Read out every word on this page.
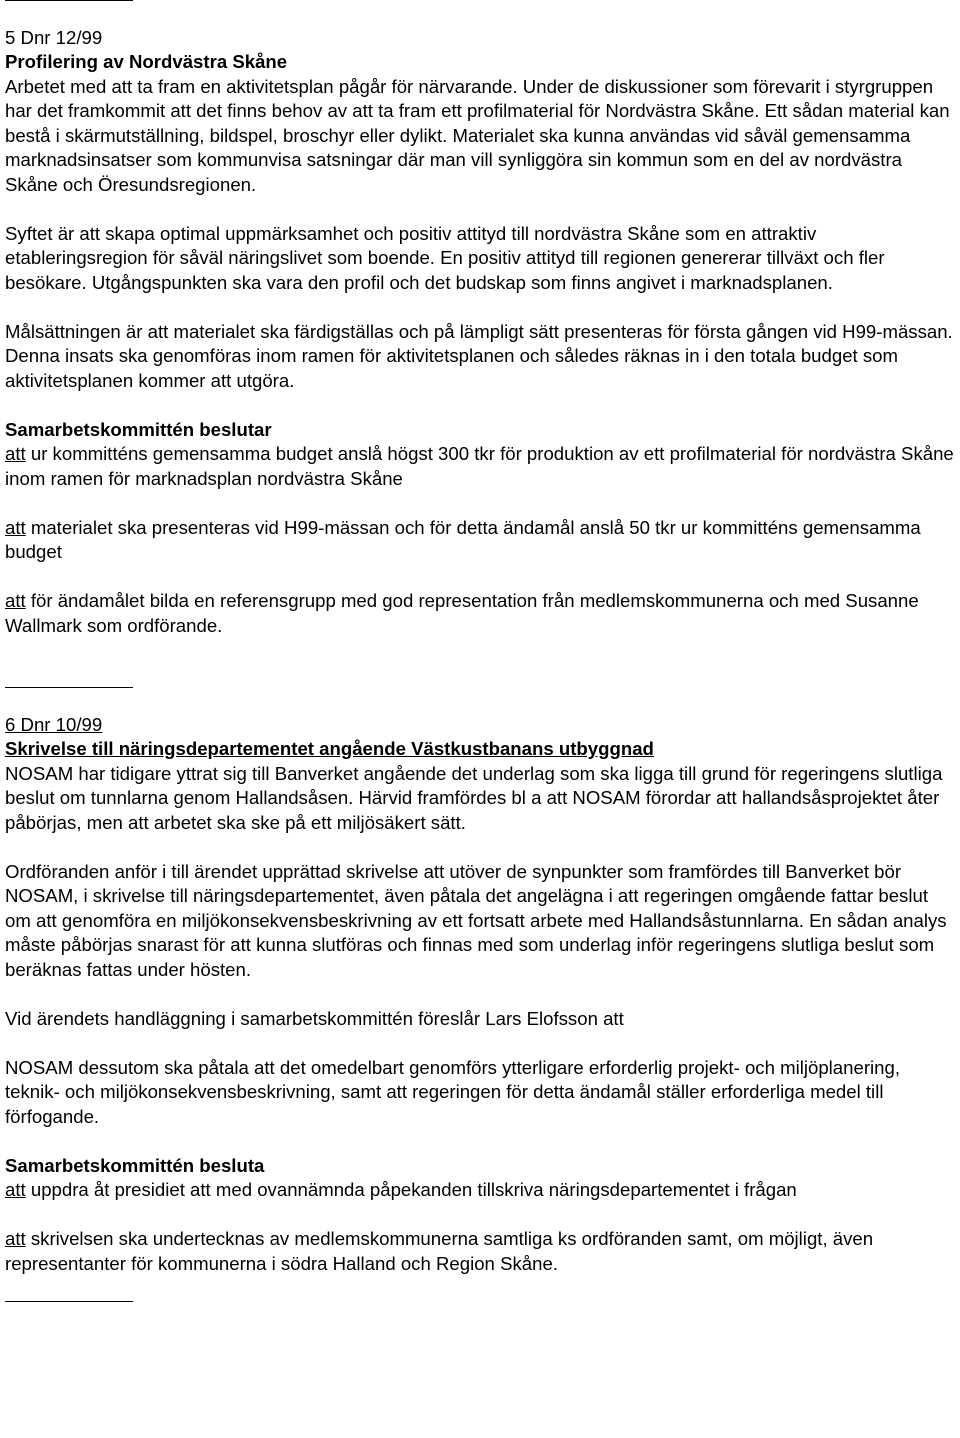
5 Dnr 12/99
Profilering av Nordvästra Skåne
Arbetet med att ta fram en aktivitetsplan pågår för närvarande. Under de diskussioner som förevarit i styrgruppen har det framkommit att det finns behov av att ta fram ett profilmaterial för Nordvästra Skåne. Ett sådan material kan bestå i skärmutställning, bildspel, broschyr eller dylikt. Materialet ska kunna användas vid såväl gemensamma marknadsinsatser som kommunvisa satsningar där man vill synliggöra sin kommun som en del av nordvästra Skåne och Öresundsregionen.
Syftet är att skapa optimal uppmärksamhet och positiv attityd till nordvästra Skåne som en attraktiv etableringsregion för såväl näringslivet som boende. En positiv attityd till regionen genererar tillväxt och fler besökare. Utgångspunkten ska vara den profil och det budskap som finns angivet i marknadsplanen.
Målsättningen är att materialet ska färdigställas och på lämpligt sätt presenteras för första gången vid H99-mässan. Denna insats ska genomföras inom ramen för aktivitetsplanen och således räknas in i den totala budget som aktivitetsplanen kommer att utgöra.
Samarbetskommittén beslutar
att ur kommitténs gemensamma budget anslå högst 300 tkr för produktion av ett profilmaterial för nordvästra Skåne inom ramen för marknadsplan nordvästra Skåne
att materialet ska presenteras vid H99-mässan och för detta ändamål anslå 50 tkr ur kommitténs gemensamma budget
att för ändamålet bilda en referensgrupp med god representation från medlemskommunerna och med Susanne Wallmark som ordförande.
6 Dnr 10/99
Skrivelse till näringsdepartementet angående Västkustbanans utbyggnad
NOSAM har tidigare yttrat sig till Banverket angående det underlag som ska ligga till grund för regeringens slutliga beslut om tunnlarna genom Hallandsåsen. Härvid framfördes bl a att NOSAM förordar att hallandsåsprojektet åter påbörjas, men att arbetet ska ske på ett miljösäkert sätt.
Ordföranden anför i till ärendet upprättad skrivelse att utöver de synpunkter som framfördes till Banverket bör NOSAM, i skrivelse till näringsdepartementet, även påtala det angelägna i att regeringen omgående fattar beslut om att genomföra en miljökonsekvensbeskrivning av ett fortsatt arbete med Hallandsåstunnlarna. En sådan analys måste påbörjas snarast för att kunna slutföras och finnas med som underlag inför regeringens slutliga beslut som beräknas fattas under hösten.
Vid ärendets handläggning i samarbetskommittén föreslår Lars Elofsson att
NOSAM dessutom ska påtala att det omedelbart genomförs ytterligare erforderlig projekt- och miljöplanering, teknik- och miljökonsekvensbeskrivning, samt att regeringen för detta ändamål ställer erforderliga medel till förfogande.
Samarbetskommittén besluta
att uppdra åt presidiet att med ovannämnda påpekanden tillskriva näringsdepartementet i frågan
att skrivelsen ska undertecknas av medlemskommunerna samtliga ks ordföranden samt, om möjligt, även representanter för kommunerna i södra Halland och Region Skåne.
